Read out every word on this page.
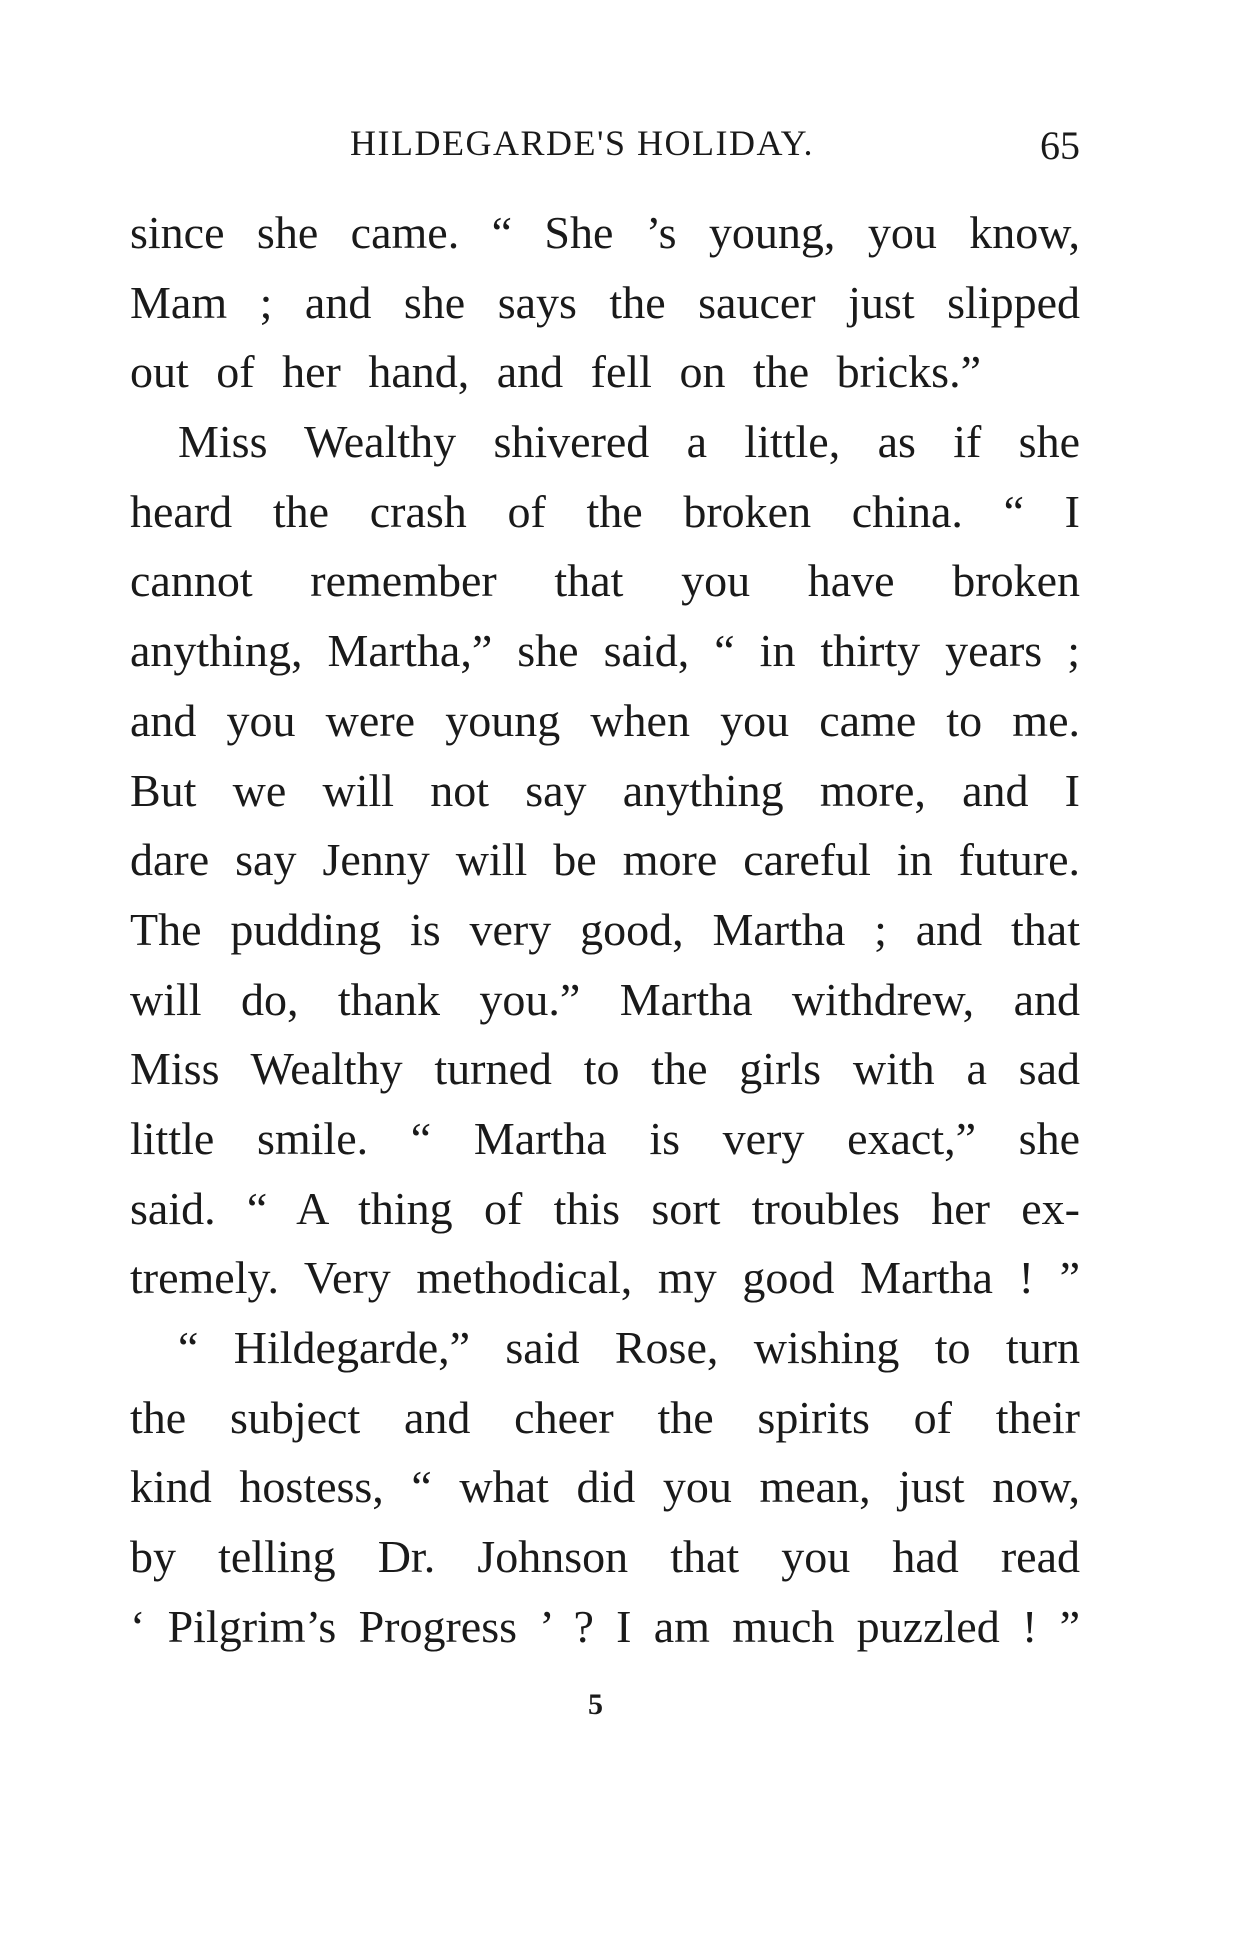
HILDEGARDE'S HOLIDAY.	65
since she came. “ She ’s young, you know,
Mam ; and she says the saucer just slipped
out of her hand, and fell on the bricks.”
Miss Wealthy shivered a little, as if she
heard the crash of the broken china. “ I
cannot remember that you have broken
anything, Martha,” she said, “ in thirty years ;
and you were young when you came to me.
But we will not say anything more, and I
dare say Jenny will be more careful in future.
The pudding is very good, Martha ; and that
will do, thank you.” Martha withdrew, and
Miss Wealthy turned to the girls with a sad
little smile. “ Martha is very exact,” she
said. “ A thing of this sort troubles her ex-
tremely. Very methodical, my good Martha ! ”
“ Hildegarde,” said Rose, wishing to turn
the subject and cheer the spirits of their
kind hostess, “ what did you mean, just now,
by telling Dr. Johnson that you had read
‘ Pilgrim’s Progress ’ ? I am much puzzled ! ”
5
